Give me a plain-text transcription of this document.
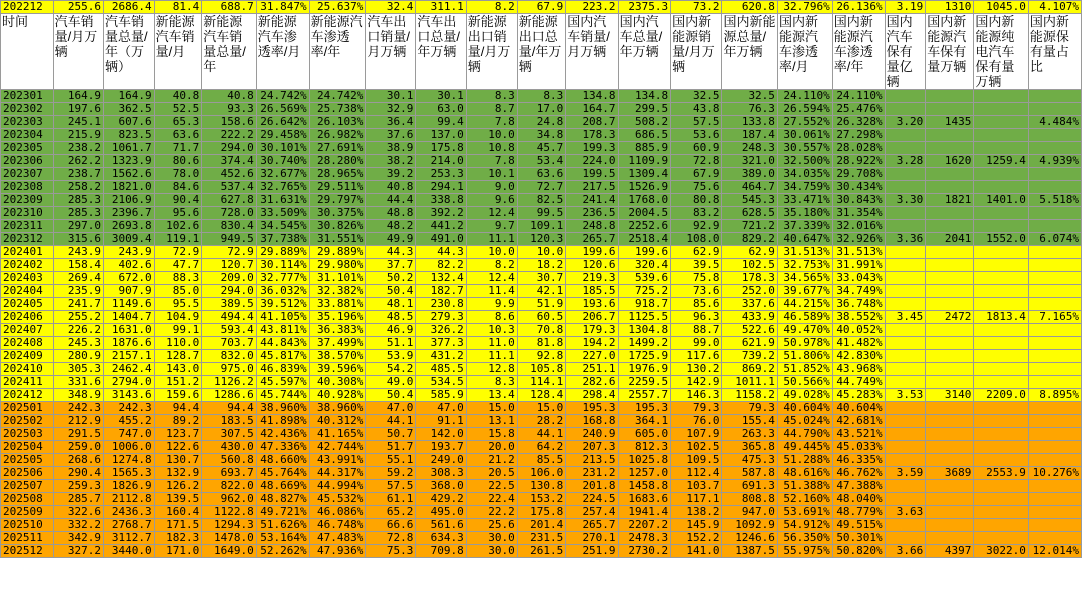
202212	255.6	2686.4	81.4	688.7	31.847%	25.637%	32.4	311.1	8.2	67.9	223.2	2375.3	73.2	620.8	32.796%	26.136%	3.19	1310	1045.0	4.107%
时间	汽车销量/月万辆	汽车销量总量/年（万辆）	新能源汽车销量/月	新能源汽车销量总量/年	新能源汽车渗透率/月	新能源汽车渗透率/年	汽车出口销量/月万辆	汽车出口总量/年万辆	新能源出口销量/月万辆	新能源出口总量/年万辆	国内汽车销量/月万辆	国内汽车总量/年万辆	国内新能源销量/月万辆	国内新能源总量/年万辆	国内新能源汽车渗透率/月	国内新能源汽车渗透率/年	国内汽车保有量亿辆	国内新能源汽车保有量万辆	国内新能源纯电汽车保有量万辆	国内新能源保有量占比
202301	164.9	164.9	40.8	40.8	24.742%	24.742%	30.1	30.1	8.3	8.3	134.8	134.8	32.5	32.5	24.110%	24.110%				
202302	197.6	362.5	52.5	93.3	26.569%	25.738%	32.9	63.0	8.7	17.0	164.7	299.5	43.8	76.3	26.594%	25.476%				
202303	245.1	607.6	65.3	158.6	26.642%	26.103%	36.4	99.4	7.8	24.8	208.7	508.2	57.5	133.8	27.552%	26.328%	3.20	1435		4.484%
202304	215.9	823.5	63.6	222.2	29.458%	26.982%	37.6	137.0	10.0	34.8	178.3	686.5	53.6	187.4	30.061%	27.298%				
202305	238.2	1061.7	71.7	294.0	30.101%	27.691%	38.9	175.8	10.8	45.7	199.3	885.9	60.9	248.3	30.557%	28.028%				
202306	262.2	1323.9	80.6	374.4	30.740%	28.280%	38.2	214.0	7.8	53.4	224.0	1109.9	72.8	321.0	32.500%	28.922%	3.28	1620	1259.4	4.939%
202307	238.7	1562.6	78.0	452.6	32.677%	28.965%	39.2	253.3	10.1	63.6	199.5	1309.4	67.9	389.0	34.035%	29.708%				
202308	258.2	1821.0	84.6	537.4	32.765%	29.511%	40.8	294.1	9.0	72.7	217.5	1526.9	75.6	464.7	34.759%	30.434%				
202309	285.3	2106.9	90.4	627.8	31.631%	29.797%	44.4	338.8	9.6	82.5	241.4	1768.0	80.8	545.3	33.471%	30.843%	3.30	1821	1401.0	5.518%
202310	285.3	2396.7	95.6	728.0	33.509%	30.375%	48.8	392.2	12.4	99.5	236.5	2004.5	83.2	628.5	35.180%	31.354%				
202311	297.0	2693.8	102.6	830.4	34.545%	30.826%	48.2	441.2	9.7	109.1	248.8	2252.6	92.9	721.2	37.339%	32.016%				
202312	315.6	3009.4	119.1	949.5	37.738%	31.551%	49.9	491.0	11.1	120.3	265.7	2518.4	108.0	829.2	40.647%	32.926%	3.36	2041	1552.0	6.074%
202401	243.9	243.9	72.9	72.9	29.889%	29.889%	44.3	44.3	10.0	10.0	199.6	199.6	62.9	62.9	31.513%	31.513%				
202402	158.4	402.6	47.7	120.7	30.114%	29.980%	37.7	82.2	8.2	18.2	120.6	320.4	39.5	102.5	32.753%	31.991%				
202403	269.4	672.0	88.3	209.0	32.777%	31.101%	50.2	132.4	12.4	30.7	219.3	539.6	75.8	178.3	34.565%	33.043%				
202404	235.9	907.9	85.0	294.0	36.032%	32.382%	50.4	182.7	11.4	42.1	185.5	725.2	73.6	252.0	39.677%	34.749%				
202405	241.7	1149.6	95.5	389.5	39.512%	33.881%	48.1	230.8	9.9	51.9	193.6	918.7	85.6	337.6	44.215%	36.748%				
202406	255.2	1404.7	104.9	494.4	41.105%	35.196%	48.5	279.3	8.6	60.5	206.7	1125.5	96.3	433.9	46.589%	38.552%	3.45	2472	1813.4	7.165%
202407	226.2	1631.0	99.1	593.4	43.811%	36.383%	46.9	326.2	10.3	70.8	179.3	1304.8	88.7	522.6	49.470%	40.052%				
202408	245.3	1876.6	110.0	703.7	44.843%	37.499%	51.1	377.3	11.0	81.8	194.2	1499.2	99.0	621.9	50.978%	41.482%				
202409	280.9	2157.1	128.7	832.0	45.817%	38.570%	53.9	431.2	11.1	92.8	227.0	1725.9	117.6	739.2	51.806%	42.830%				
202410	305.3	2462.4	143.0	975.0	46.839%	39.596%	54.2	485.5	12.8	105.8	251.1	1976.9	130.2	869.2	51.852%	43.968%				
202411	331.6	2794.0	151.2	1126.2	45.597%	40.308%	49.0	534.5	8.3	114.1	282.6	2259.5	142.9	1011.1	50.566%	44.749%				
202412	348.9	3143.6	159.6	1286.6	45.744%	40.928%	50.4	585.9	13.4	128.4	298.4	2557.7	146.3	1158.2	49.028%	45.283%	3.53	3140	2209.0	8.895%
202501	242.3	242.3	94.4	94.4	38.960%	38.960%	47.0	47.0	15.0	15.0	195.3	195.3	79.3	79.3	40.604%	40.604%				
202502	212.9	455.2	89.2	183.5	41.898%	40.312%	44.1	91.1	13.1	28.2	168.8	364.1	76.0	155.4	45.024%	42.681%				
202503	291.5	747.0	123.7	307.5	42.436%	41.165%	50.7	142.0	15.8	44.1	240.9	605.0	107.9	263.3	44.790%	43.521%				
202504	259.0	1006.0	122.6	430.0	47.336%	42.744%	51.7	193.7	20.0	64.2	207.3	812.3	102.5	365.8	49.445%	45.033%				
202505	268.6	1274.8	130.7	560.8	48.660%	43.991%	55.1	249.0	21.2	85.5	213.5	1025.8	109.5	475.3	51.288%	46.335%				
202506	290.4	1565.3	132.9	693.7	45.764%	44.317%	59.2	308.3	20.5	106.0	231.2	1257.0	112.4	587.8	48.616%	46.762%	3.59	3689	2553.9	10.276%
202507	259.3	1826.9	126.2	822.0	48.669%	44.994%	57.5	368.0	22.5	130.8	201.8	1458.8	103.7	691.3	51.388%	47.388%				
202508	285.7	2112.8	139.5	962.0	48.827%	45.532%	61.1	429.2	22.4	153.2	224.5	1683.6	117.1	808.8	52.160%	48.040%				
202509	322.6	2436.3	160.4	1122.8	49.721%	46.086%	65.2	495.0	22.2	175.8	257.4	1941.4	138.2	947.0	53.691%	48.779%	3.63			
202510	332.2	2768.7	171.5	1294.3	51.626%	46.748%	66.6	561.6	25.6	201.4	265.7	2207.2	145.9	1092.9	54.912%	49.515%				
202511	342.9	3112.7	182.3	1478.0	53.164%	47.483%	72.8	634.3	30.0	231.5	270.1	2478.3	152.2	1246.6	56.350%	50.301%				
202512	327.2	3440.0	171.0	1649.0	52.262%	47.936%	75.3	709.8	30.0	261.5	251.9	2730.2	141.0	1387.5	55.975%	50.820%	3.66	4397	3022.0	12.014%
